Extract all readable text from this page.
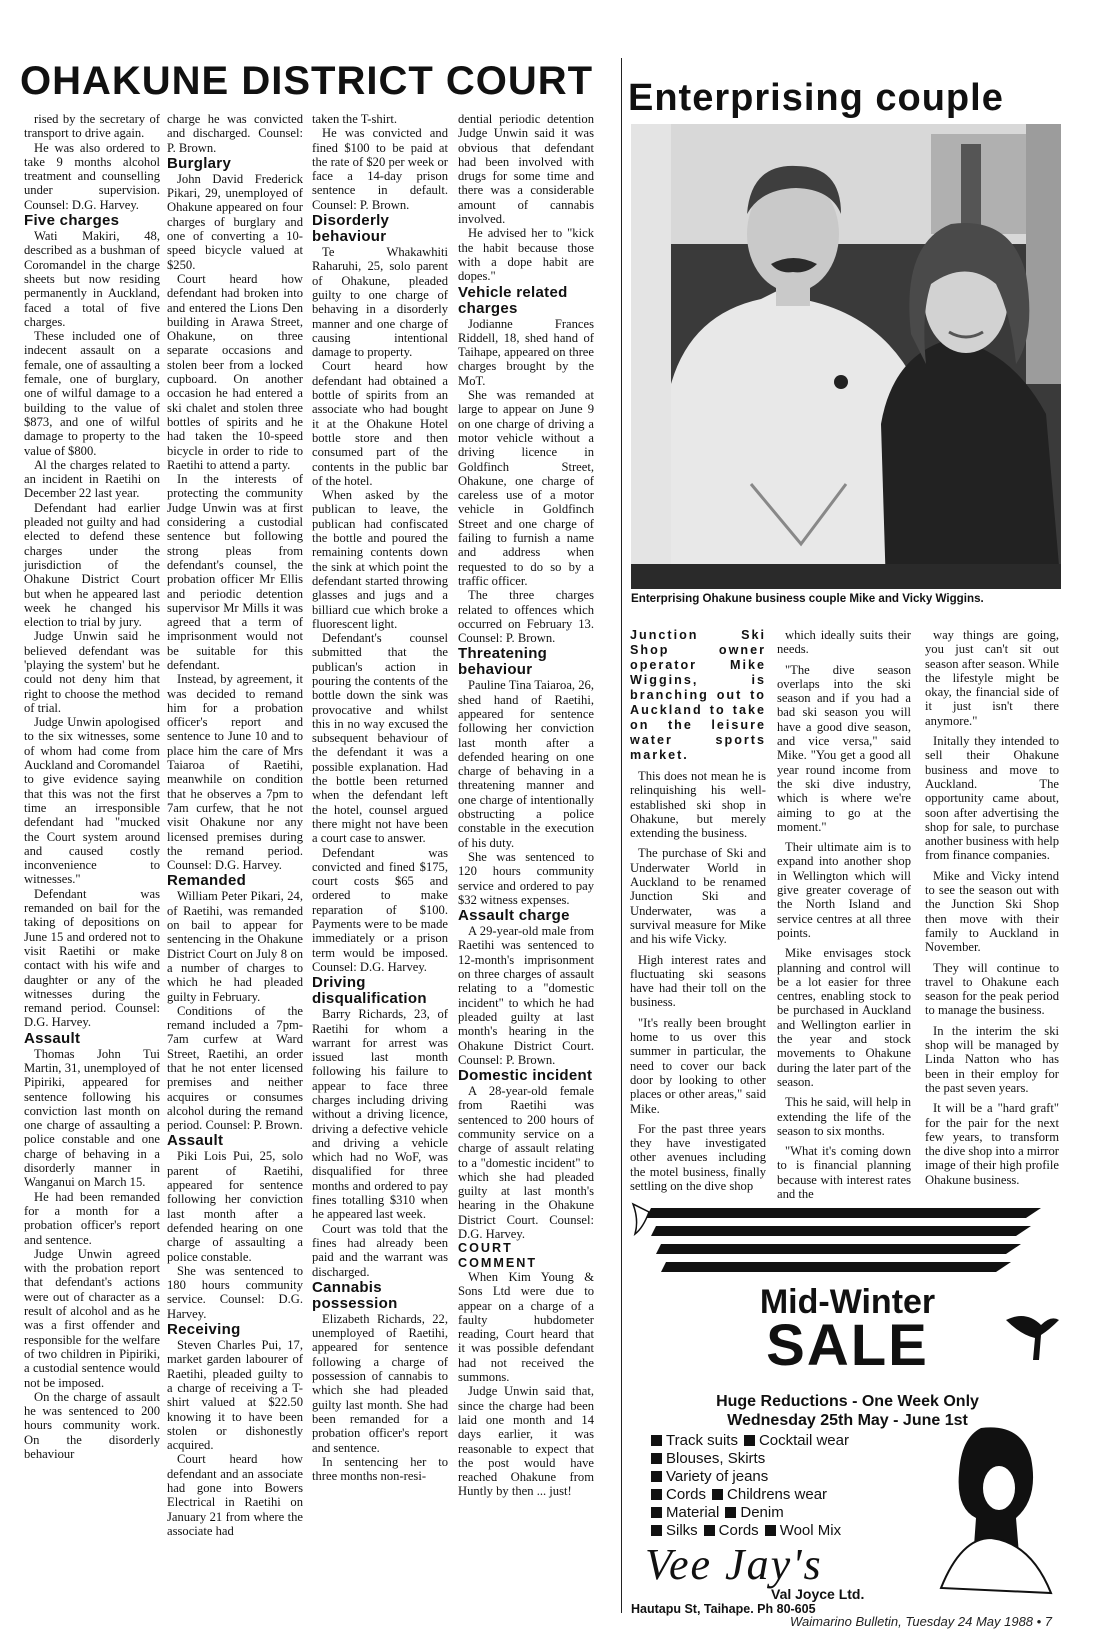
OHAKUNE DISTRICT COURT Enterprising couple

rised by the secretary of transport to drive again.

He was also ordered to take 9 months alcohol treatment and counselling under supervision. Counsel: D.G. Harvey.

Five charges

Wati Makiri, 48, described as a bushman of Coromandel in the charge sheets but now residing permanently in Auckland, faced a total of five charges.

These included one of indecent assault on a female, one of assaulting a female, one of burglary, one of wilful damage to a building to the value of $873, and one of wilful damage to property to the value of $800.

Al the charges related to an incident in Raetihi on December 22 last year.

Defendant had earlier pleaded not guilty and had elected to defend these charges under the jurisdiction of the Ohakune District Court but when he appeared last week he changed his election to trial by jury.

Judge Unwin said he believed defendant was 'playing the system' but he could not deny him that right to choose the method of trial.

Judge Unwin apologised to the six witnesses, some of whom had come from Auckland and Coromandel to give evidence saying that this was not the first time an irresponsible defendant had "mucked the Court system around and caused costly inconvenience to witnesses."

Defendant was remanded on bail for the taking of depositions on June 15 and ordered not to visit Raetihi or make contact with his wife and daughter or any of the witnesses during the remand period. Counsel: D.G. Harvey.

Assault

Thomas John Tui Martin, 31, unemployed of Pipiriki, appeared for sentence following his conviction last month on one charge of assaulting a police constable and one charge of behaving in a disorderly manner in Wanganui on March 15.

He had been remanded for a month for a probation officer's report and sentence.

Judge Unwin agreed with the probation report that defendant's actions were out of character as a result of alcohol and as he was a first offender and responsible for the welfare of two children in Pipiriki, a custodial sentence would not be imposed.

On the charge of assault he was sentenced to 200 hours community work. On the disorderly behaviour

charge he was convicted and discharged. Counsel: P. Brown.

Burglary

John David Frederick Pikari, 29, unemployed of Ohakune appeared on four charges of burglary and one of converting a 10-speed bicycle valued at $250.

Court heard how defendant had broken into and entered the Lions Den building in Arawa Street, Ohakune, on three separate occasions and stolen beer from a locked cupboard. On another occasion he had entered a ski chalet and stolen three bottles of spirits and he had taken the 10-speed bicycle in order to ride to Raetihi to attend a party.

In the interests of protecting the community Judge Unwin was at first considering a custodial sentence but following strong pleas from defendant's counsel, the probation officer Mr Ellis and periodic detention supervisor Mr Mills it was agreed that a term of imprisonment would not be suitable for this defendant.

Instead, by agreement, it was decided to remand him for a probation officer's report and sentence to June 10 and to place him the care of Mrs Taiaroa of Raetihi, meanwhile on condition that he observes a 7pm to 7am curfew, that he not visit Ohakune nor any licensed premises during the remand period. Counsel: D.G. Harvey.

Remanded

William Peter Pikari, 24, of Raetihi, was remanded on bail to appear for sentencing in the Ohakune District Court on July 8 on a number of charges to which he had pleaded guilty in February.

Conditions of the remand included a 7pm-7am curfew at Ward Street, Raetihi, an order that he not enter licensed premises and neither acquires or consumes alcohol during the remand period. Counsel: P. Brown.

Assault

Piki Lois Pui, 25, solo parent of Raetihi, appeared for sentence following her conviction last month after a defended hearing on one charge of assaulting a police constable.

She was sentenced to 180 hours community service. Counsel: D.G. Harvey.

Receiving

Steven Charles Pui, 17, market garden labourer of Raetihi, pleaded guilty to a charge of receiving a T-shirt valued at $22.50 knowing it to have been stolen or dishonestly acquired.

Court heard how defendant and an associate had gone into Bowers Electrical in Raetihi on January 21 from where the associate had

taken the T-shirt.

He was convicted and fined $100 to be paid at the rate of $20 per week or face a 14-day prison sentence in default. Counsel: P. Brown.

Disorderly behaviour

Te Whakawhiti Raharuhi, 25, solo parent of Ohakune, pleaded guilty to one charge of behaving in a disorderly manner and one charge of causing intentional damage to property.

Court heard how defendant had obtained a bottle of spirits from an associate who had bought it at the Ohakune Hotel bottle store and then consumed part of the contents in the public bar of the hotel.

When asked by the publican to leave, the publican had confiscated the bottle and poured the remaining contents down the sink at which point the defendant started throwing glasses and jugs and a billiard cue which broke a fluorescent light.

Defendant's counsel submitted that the publican's action in pouring the contents of the bottle down the sink was provocative and whilst this in no way excused the subsequent behaviour of the defendant it was a possible explanation. Had the bottle been returned when the defendant left the hotel, counsel argued there might not have been a court case to answer.

Defendant was convicted and fined $175, court costs $65 and ordered to make reparation of $100. Payments were to be made immediately or a prison term would be imposed. Counsel: D.G. Harvey.

Driving disqualification

Barry Richards, 23, of Raetihi for whom a warrant for arrest was issued last month following his failure to appear to face three charges including driving without a driving licence, driving a defective vehicle and driving a vehicle which had no WoF, was disqualified for three months and ordered to pay fines totalling $310 when he appeared last week.

Court was told that the fines had already been paid and the warrant was discharged.

Cannabis possession

Elizabeth Richards, 22, unemployed of Raetihi, appeared for sentence following a charge of possession of cannabis to which she had pleaded guilty last month. She had been remanded for a probation officer's report and sentence.

In sentencing her to three months non-resi-

dential periodic detention Judge Unwin said it was obvious that defendant had been involved with drugs for some time and there was a considerable amount of cannabis involved.

He advised her to "kick the habit because those with a dope habit are dopes."

Vehicle related charges

Jodianne Frances Riddell, 18, shed hand of Taihape, appeared on three charges brought by the MoT.

She was remanded at large to appear on June 9 on one charge of driving a motor vehicle without a driving licence in Goldfinch Street, Ohakune, one charge of careless use of a motor vehicle in Goldfinch Street and one charge of failing to furnish a name and address when requested to do so by a traffic officer.

The three charges related to offences which occurred on February 13. Counsel: P. Brown.

Threatening behaviour

Pauline Tina Taiaroa, 26, shed hand of Raetihi, appeared for sentence following her conviction last month after a defended hearing on one charge of behaving in a threatening manner and one charge of intentionally obstructing a police constable in the execution of his duty.

She was sentenced to 120 hours community service and ordered to pay $32 witness expenses.

Assault charge

A 29-year-old male from Raetihi was sentenced to 12-month's imprisonment on three charges of assault relating to a "domestic incident" to which he had pleaded guilty at last month's hearing in the Ohakune District Court. Counsel: P. Brown.

Domestic incident

A 28-year-old female from Raetihi was sentenced to 200 hours of community service on a charge of assault relating to a "domestic incident" to which she had pleaded guilty at last month's hearing in the Ohakune District Court. Counsel: D.G. Harvey.

COURT COMMENT

When Kim Young & Sons Ltd were due to appear on a charge of a faulty hubdometer reading, Court heard that it was possible defendant had not received the summons.

Judge Unwin said that, since the charge had been laid one month and 14 days earlier, it was reasonable to expect that the post would have reached Ohakune from Huntly by then ... just!

Enterprising Ohakune business couple Mike and Vicky Wiggins.

Junction Ski Shop owner operator Mike Wiggins, is branching out to Auckland to take on the leisure water sports market.

This does not mean he is relinquishing his well-established ski shop in Ohakune, but merely extending the business.

The purchase of Ski and Underwater World in Auckland to be renamed Junction Ski and Underwater, was a survival measure for Mike and his wife Vicky.

High interest rates and fluctuating ski seasons have had their toll on the business.

"It's really been brought home to us over this summer in particular, the need to cover our back door by looking to other places or other areas," said Mike.

For the past three years they have investigated other avenues including the motel business, finally settling on the dive shop

which ideally suits their needs.

"The dive season overlaps into the ski season and if you had a bad ski season you will have a good dive season, and vice versa," said Mike. "You get a good all year round income from the ski dive industry, which is where we're aiming to go at the moment."

Their ultimate aim is to expand into another shop in Wellington which will give greater coverage of the North Island and service centres at all three points.

Mike envisages stock planning and control will be a lot easier for three centres, enabling stock to be purchased in Auckland and Wellington earlier in the year and stock movements to Ohakune during the later part of the season.

This he said, will help in extending the life of the season to six months.

"What it's coming down to is financial planning because with interest rates and the

way things are going, you just can't sit out season after season. While the lifestyle might be okay, the financial side of it just isn't there anymore."

Initally they intended to sell their Ohakune business and move to Auckland. The opportunity came about, soon after advertising the shop for sale, to purchase another business with help from finance companies.

Mike and Vicky intend to see the season out with the Junction Ski Shop then move with their family to Auckland in November.

They will continue to travel to Ohakune each season for the peak period to manage the business.

In the interim the ski shop will be managed by Linda Natton who has been in their employ for the past seven years.

It will be a "hard graft" for the pair for the next few years, to transform the dive shop into a mirror image of their high profile Ohakune business.

Mid-Winter
SALE
Huge Reductions - One Week Only
Wednesday 25th May - June 1st
Track suits Cocktail wear
Blouses, Skirts
Variety of jeans
Cords Childrens wear
Material Denim
Silks Cords Wool Mix
Vee Jay's
Val Joyce Ltd.
Hautapu St, Taihape. Ph 80-605
Waimarino Bulletin, Tuesday 24 May 1988 • 7
